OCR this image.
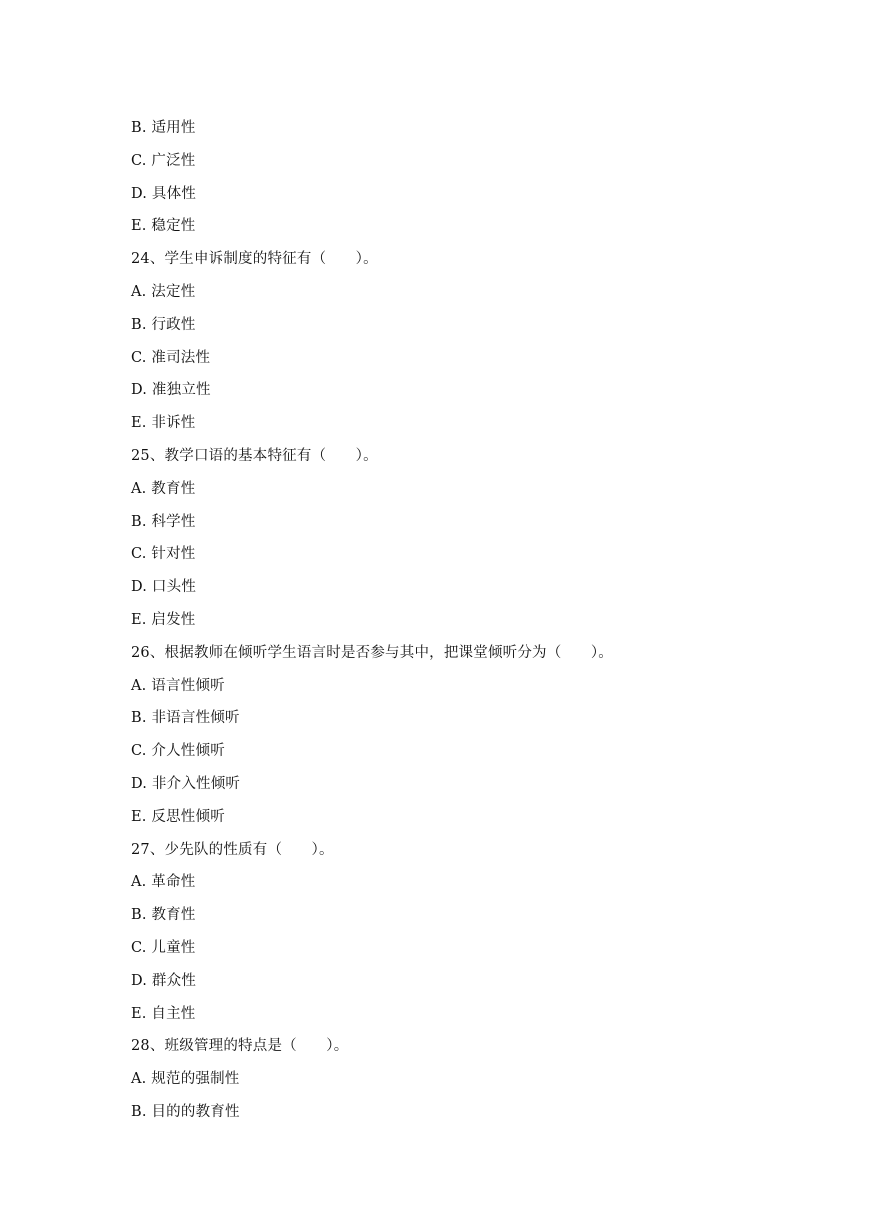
B. 适用性
C. 广泛性
D. 具体性
E. 稳定性
24、学生申诉制度的特征有（　　）。
A. 法定性
B. 行政性
C. 准司法性
D. 准独立性
E. 非诉性
25、教学口语的基本特征有（　　）。
A. 教育性
B. 科学性
C. 针对性
D. 口头性
E. 启发性
26、根据教师在倾听学生语言时是否参与其中，把课堂倾听分为（　　）。
A. 语言性倾听
B. 非语言性倾听
C. 介人性倾听
D. 非介入性倾听
E. 反思性倾听
27、少先队的性质有（　　）。
A. 革命性
B. 教育性
C. 儿童性
D. 群众性
E. 自主性
28、班级管理的特点是（　　）。
A. 规范的强制性
B. 目的的教育性
